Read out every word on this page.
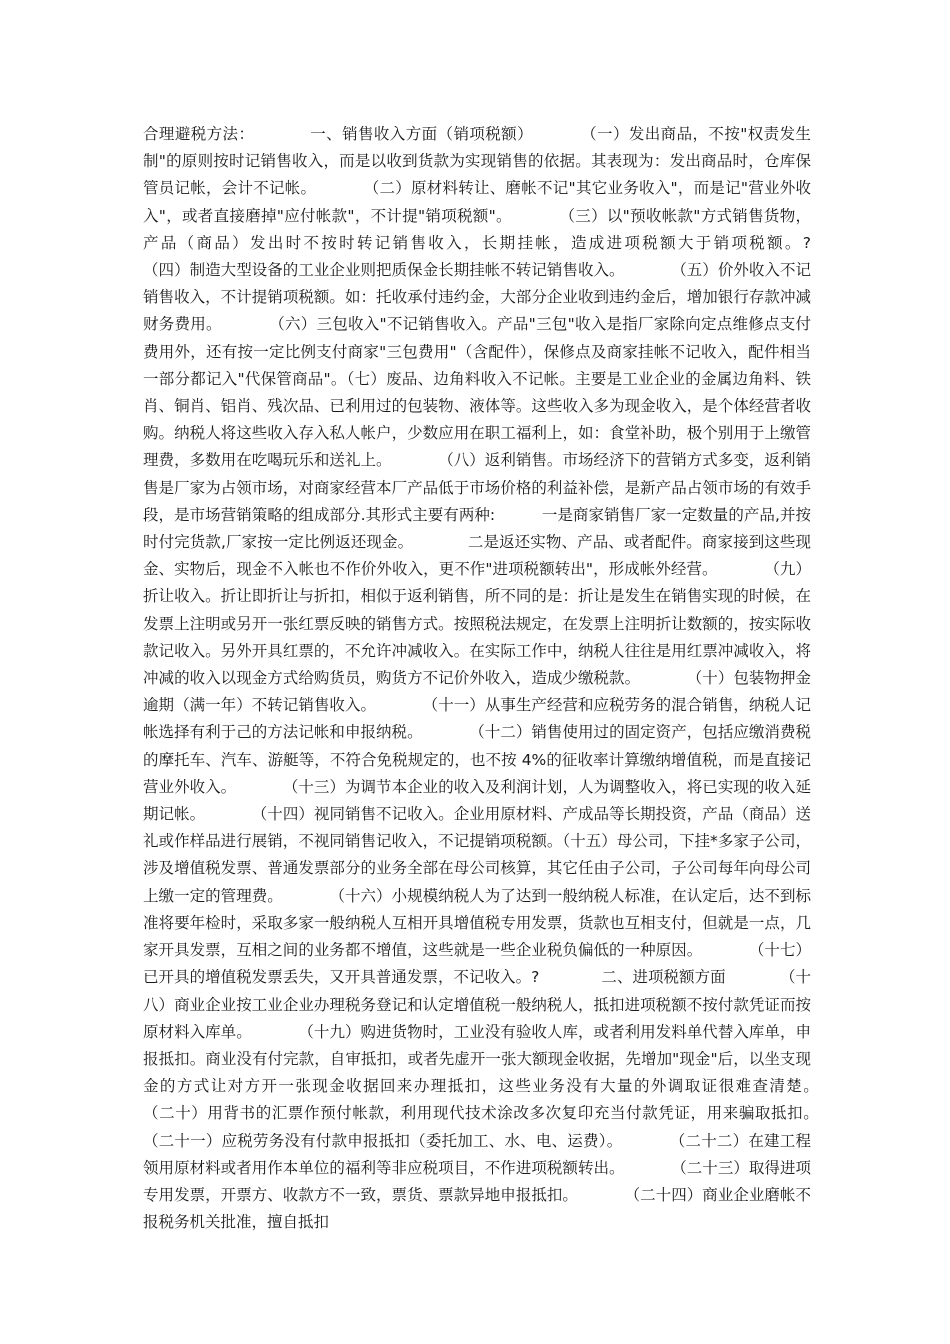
合理避税方法：　　　　一、销售收入方面（销项税额）　　　　（一）发出商品，不按"权责发生制"的原则按时记销售收入，而是以收到货款为实现销售的依据。其表现为：发出商品时，仓库保管员记帐，会计不记帐。　　　　（二）原材料转让、磨帐不记"其它业务收入"，而是记"营业外收入"，或者直接磨掉"应付帐款"，不计提"销项税额"。　　　　（三）以"预收帐款"方式销售货物，产品（商品）发出时不按时转记销售收入，长期挂帐，造成进项税额大于销项税额。?　　　　（四）制造大型设备的工业企业则把质保金长期挂帐不转记销售收入。　　　　（五）价外收入不记销售收入，不计提销项税额。如：托收承付违约金，大部分企业收到违约金后，增加银行存款冲减财务费用。　　　　（六）三包收入"不记销售收入。产品"三包"收入是指厂家除向定点维修点支付费用外，还有按一定比例支付商家"三包费用"（含配件），保修点及商家挂帐不记收入，配件相当一部分都记入"代保管商品"。（七）废品、边角料收入不记帐。主要是工业企业的金属边角料、铁肖、铜肖、铝肖、残次品、已利用过的包装物、液体等。这些收入多为现金收入，是个体经营者收购。纳税人将这些收入存入私人帐户，少数应用在职工福利上，如：食堂补助，极个别用于上缴管理费，多数用在吃喝玩乐和送礼上。　　　　（八）返利销售。市场经济下的营销方式多变，返利销售是厂家为占领市场，对商家经营本厂产品低于市场价格的利益补偿，是新产品占领市场的有效手段，是市场营销策略的组成部分.其形式主要有两种:　　　一是商家销售厂家一定数量的产品,并按时付完货款,厂家按一定比例返还现金。　　　　二是返还实物、产品、或者配件。商家接到这些现金、实物后，现金不入帐也不作价外收入，更不作"进项税额转出"，形成帐外经营。　　　　（九）折让收入。折让即折让与折扣，相似于返利销售，所不同的是：折让是发生在销售实现的时候，在发票上注明或另开一张红票反映的销售方式。按照税法规定，在发票上注明折让数额的，按实际收款记收入。另外开具红票的，不允许冲减收入。在实际工作中，纳税人往往是用红票冲减收入，将冲减的收入以现金方式给购货员，购货方不记价外收入，造成少缴税款。　　　　（十）包装物押金逾期（满一年）不转记销售收入。　　　　（十一）从事生产经营和应税劳务的混合销售，纳税人记帐选择有利于己的方法记帐和申报纳税。　　　　（十二）销售使用过的固定资产，包括应缴消费税的摩托车、汽车、游艇等，不符合免税规定的，也不按 4%的征收率计算缴纳增值税，而是直接记营业外收入。　　　　（十三）为调节本企业的收入及利润计划，人为调整收入，将已实现的收入延期记帐。　　　　（十四）视同销售不记收入。企业用原材料、产成品等长期投资，产品（商品）送礼或作样品进行展销，不视同销售记收入，不记提销项税额。（十五）母公司，下挂*多家子公司，涉及增值税发票、普通发票部分的业务全部在母公司核算，其它任由子公司，子公司每年向母公司上缴一定的管理费。　　　　（十六）小规模纳税人为了达到一般纳税人标准，在认定后，达不到标准将要年检时，采取多家一般纳税人互相开具增值税专用发票，货款也互相支付，但就是一点，几家开具发票，互相之间的业务都不增值，这些就是一些企业税负偏低的一种原因。　　　　（十七）已开具的增值税发票丢失，又开具普通发票，不记收入。?　　　　二、进项税额方面　　　　（十八）商业企业按工业企业办理税务登记和认定增值税一般纳税人，抵扣进项税额不按付款凭证而按原材料入库单。　　　　（十九）购进货物时，工业没有验收人库，或者利用发料单代替入库单，申报抵扣。商业没有付完款，自审抵扣，或者先虚开一张大额现金收据，先增加"现金"后，以坐支现金的方式让对方开一张现金收据回来办理抵扣，这些业务没有大量的外调取证很难查清楚。　　　　（二十）用背书的汇票作预付帐款，利用现代技术涂改多次复印充当付款凭证，用来骗取抵扣。　　　　（二十一）应税劳务没有付款申报抵扣（委托加工、水、电、运费）。　　　　（二十二）在建工程领用原材料或者用作本单位的福利等非应税项目，不作进项税额转出。　　　　（二十三）取得进项专用发票，开票方、收款方不一致，票货、票款异地申报抵扣。　　　　（二十四）商业企业磨帐不报税务机关批准，擅自抵扣
